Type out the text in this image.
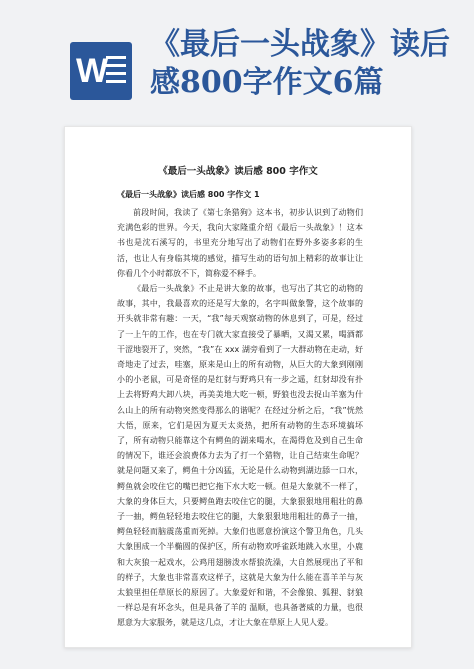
W
《最后一头战象》读后感800字作文6篇
《最后一头战象》读后感 800 字作文
《最后一头战象》读后感 800 字作文 1

前段时间，我读了《第七条猎狗》这本书，初步认识到了动物们充满色彩的世界。今天，我向大家隆重介绍《最后一头战象》！这本书也是沈石溪写的，书里充分地写出了动物们在野外多姿多彩的生活，也让人有身临其境的感觉，描写生动的语句加上精彩的故事让让你看几个小时都放不下，简称爱不释手。

《最后一头战象》不止是讲大象的故事，也写出了其它的动物的故事，其中，我最喜欢的还是写大象的，名字叫做象警，这个故事的开头就非常有趣：一天，“我”每天观察动物的休息到了，可是，经过了一上午的工作，也在专门就大家直接受了暴晒，又渴又累，喝酒都干涩地裂开了，突然，“我”在 xxx 湖旁看到了一大群动物在走动，好奇地走了过去，哇塞，原来是山上的所有动物，从巨大的大象到刚刚小的小老鼠，可是奇怪的是红豺与野鸡只有一步之遥，红豺却没有扑上去将野鸡大卸八块，再美美地大吃一顿，野狼也没去捉山羊塞为什么山上的所有动物突然变得那么的谐呢？在经过分析之后，“我”恍然大悟，原来，它们是因为夏天太炎热，把所有动物的生态环境搞坏了，所有动物只能靠这个有鳄鱼的湖来喝水，在渴得危及到自己生命的情况下，谁还会浪费体力去为了打一个猎物，让自己结束生命呢？就是问题又来了，鳄鱼十分凶猛，无论是什么动物到湖边舔一口水，鳄鱼就会咬住它的嘴巴把它拖下水大吃一顿。但是大象就不一样了，大象的身体巨大，只要鳄鱼跑去咬住它的腿，大象狠狠地用粗壮的鼻子一抽，鳄鱼轻轻地去咬住它的腿，大象狠狠地用粗壮的鼻子一抽，鳄鱼轻轻而脑震荡重而死掉。大象们也愿意扮演这个警卫角色，几头大象围成一个半椭圆的保护区，所有动物欢呼雀跃地跳入水里，小鹿和大灰狼一起戏水，公鸡用翅膀泼水帮狼洗澡，大自然展现出了平和的样子，大象也非常喜欢这样子，这就是大象为什么能在喜羊羊与灰太狼里担任草原长的原因了。大象爱好和谐，不会像狼、狐狸、豺狼一样总是有坏念头，但是具备了羊的 温顺，也具备著威的力量，也很愿意为大家服务，就是这几点，才让大象在草原上人见人爱。
